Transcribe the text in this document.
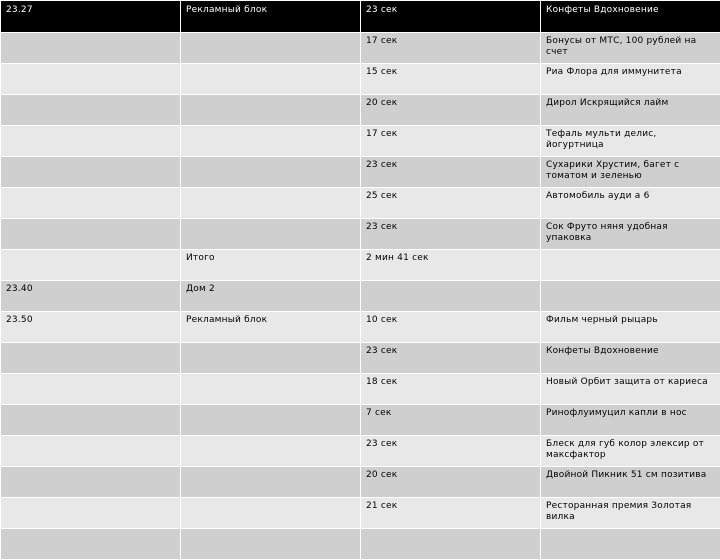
23.27	Рекламный блок	23 сек	Конфеты Вдохновение
		17 сек	Бонусы от МТС, 100 рублей на счет
		15 сек	Риа Флора для иммунитета
		20 сек	Дирол Искрящийся лайм
		17 сек	Тефаль мульти делис, йогуртница
		23 сек	Сухарики Хрустим, багет с томатом и зеленью
		25 сек	Автомобиль ауди а 6
		23 сек	Сок Фруто няня удобная упаковка
	Итого	2 мин 41 сек	
23.40	Дом 2		
23.50	Рекламный блок	10 сек	Фильм черный рыцарь
		23 сек	Конфеты Вдохновение
		18 сек	Новый Орбит защита от кариеса
		7 сек	Ринофлуимуцил капли в нос
		23 сек	Блеск для губ колор элексир от максфактор
		20 сек	Двойной Пикник 51 см позитива
		21 сек	Ресторанная премия Золотая вилка
